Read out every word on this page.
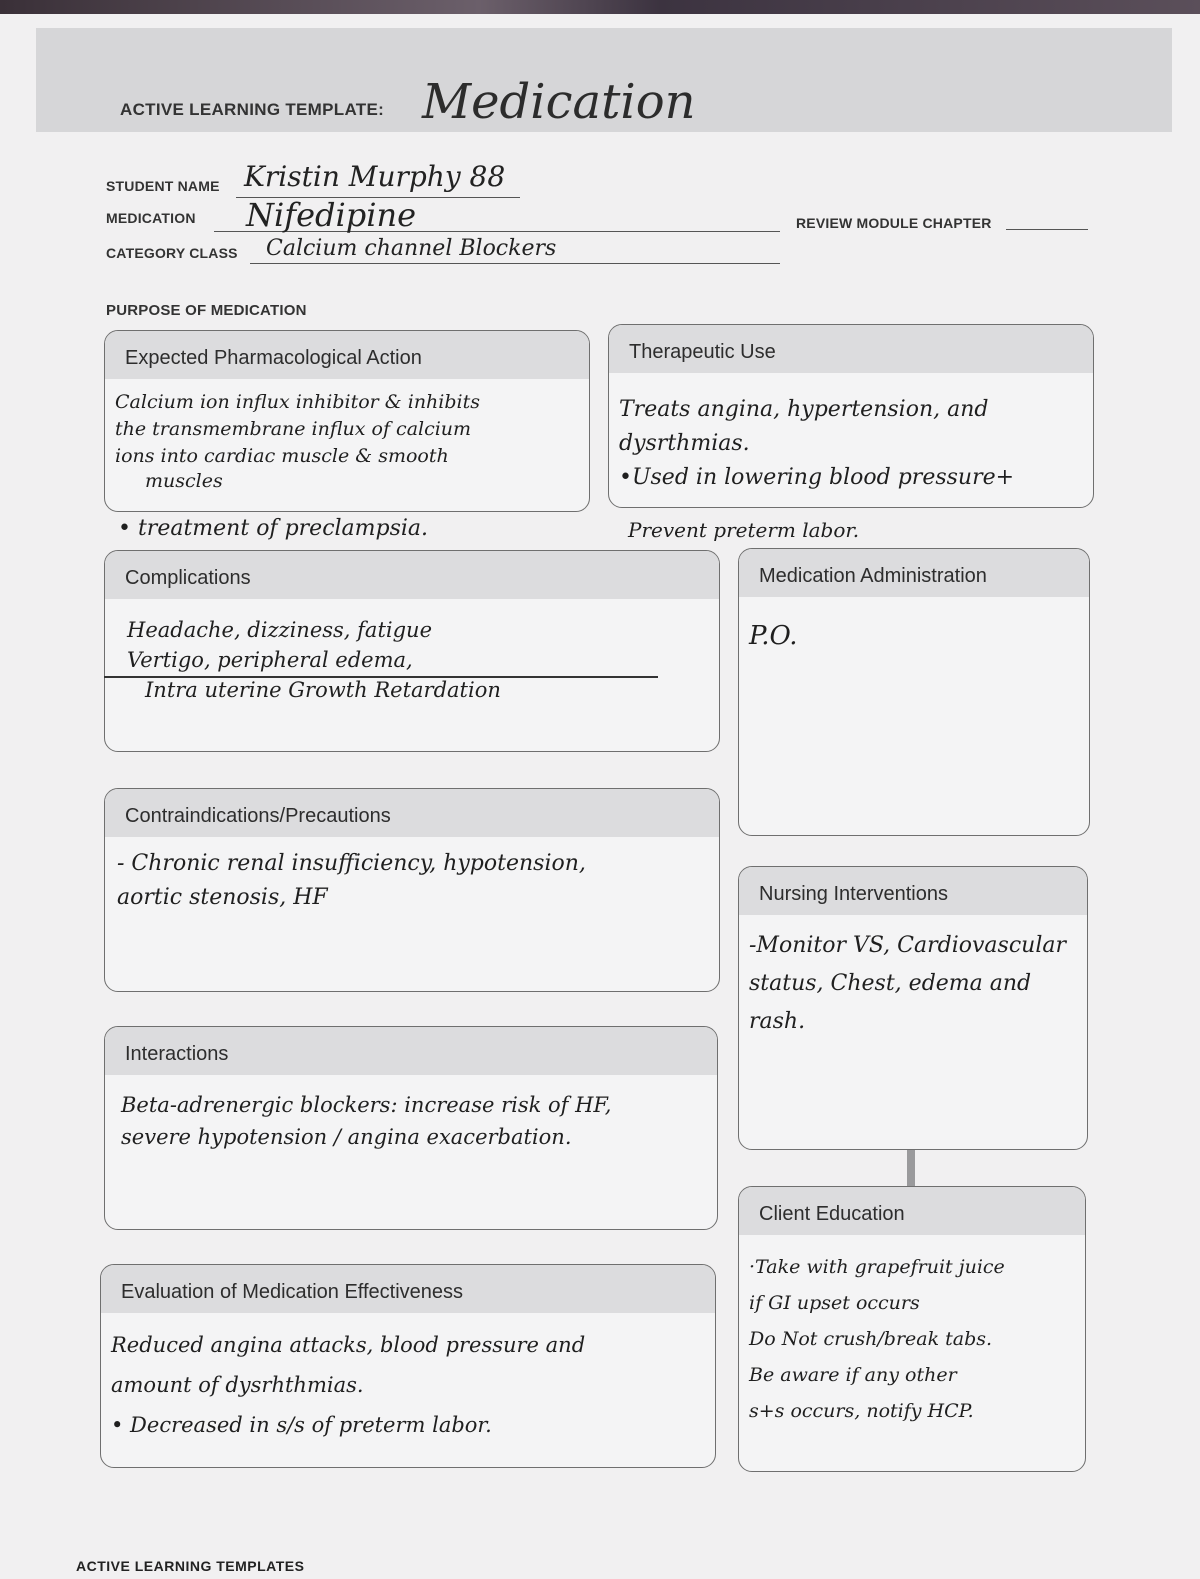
ACTIVE LEARNING TEMPLATE: Medication
STUDENT NAME Kristin Murphy 88
MEDICATION Nifedipine
CATEGORY CLASS Calcium channel Blockers
REVIEW MODULE CHAPTER
PURPOSE OF MEDICATION
Expected Pharmacological Action
Calcium ion influx inhibitor & inhibits
the transmembrane influx of calcium
ions into cardiac muscle & smooth
muscles
• treatment of preclampsia.
Therapeutic Use
Treats angina, hypertension, and
dysrthmias.
•Used in lowering blood pressure+
Prevent preterm labor.
Complications
Headache, dizziness, fatigue
Vertigo, peripheral edema,
Intra uterine Growth Retardation
Medication Administration
P.O.
Contraindications/Precautions
- Chronic renal insufficiency, hypotension,
aortic stenosis, HF	Nursing Interventions
-Monitor VS, Cardiovascular
status, Chest, edema and
rash.
Interactions
Beta-adrenergic blockers: increase risk of HF,
severe hypotension / angina exacerbation.
Client Education
·Take with grapefruit juice
if GI upset occurs
Do Not crush/break tabs.
Be aware if any other
s+s occurs, notify HCP.
Evaluation of Medication Effectiveness
Reduced angina attacks, blood pressure and
amount of dysrhthmias.
• Decreased in s/s of preterm labor.
ACTIVE LEARNING TEMPLATES
